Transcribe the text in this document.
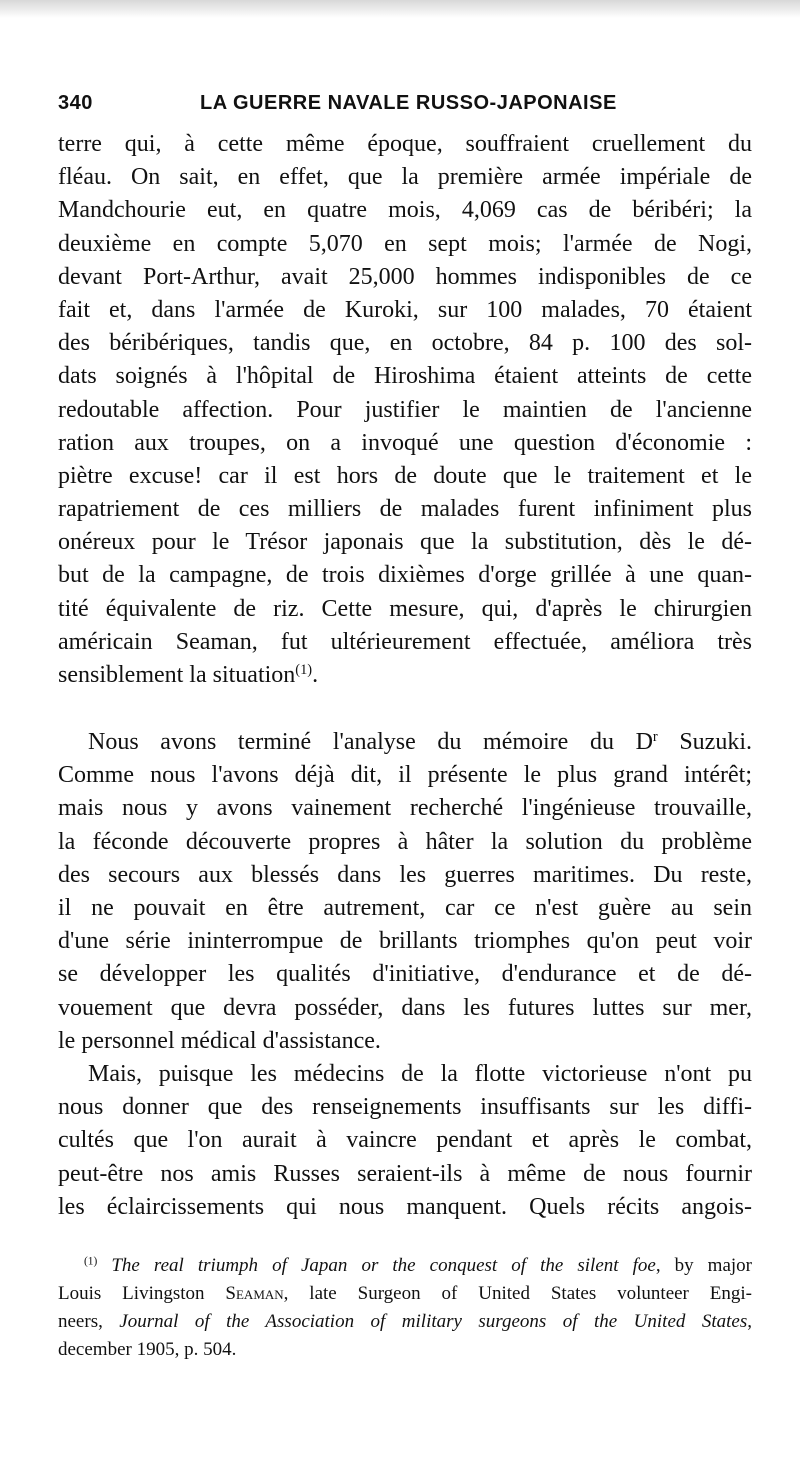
340	LA GUERRE NAVALE RUSSO-JAPONAISE
terre qui, à cette même époque, souffraient cruellement du
fléau. On sait, en effet, que la première armée impériale de
Mandchourie eut, en quatre mois, 4,069 cas de béribéri; la
deuxième en compte 5,070 en sept mois; l'armée de Nogi,
devant Port-Arthur, avait 25,000 hommes indisponibles de ce
fait et, dans l'armée de Kuroki, sur 100 malades, 70 étaient
des béribériques, tandis que, en octobre, 84 p. 100 des sol-
dats soignés à l'hôpital de Hiroshima étaient atteints de cette
redoutable affection. Pour justifier le maintien de l'ancienne
ration aux troupes, on a invoqué une question d'économie :
piètre excuse! car il est hors de doute que le traitement et le
rapatriement de ces milliers de malades furent infiniment plus
onéreux pour le Trésor japonais que la substitution, dès le dé-
but de la campagne, de trois dixièmes d'orge grillée à une quan-
tité équivalente de riz. Cette mesure, qui, d'après le chirurgien
américain Seaman, fut ultérieurement effectuée, améliora très
sensiblement la situation$^{(1)}$.
Nous avons terminé l'analyse du mémoire du $D^r$ Suzuki.
Comme nous l'avons déjà dit, il présente le plus grand intérêt;
mais nous y avons vainement recherché l'ingénieuse trouvaille,
la féconde découverte propres à hâter la solution du problème
des secours aux blessés dans les guerres maritimes. Du reste,
il ne pouvait en être autrement, car ce n'est guère au sein
d'une série ininterrompue de brillants triomphes qu'on peut voir
se développer les qualités d'initiative, d'endurance et de dé-
vouement que devra posséder, dans les futures luttes sur mer,
le personnel médical d'assistance.
Mais, puisque les médecins de la flotte victorieuse n'ont pu
nous donner que des renseignements insuffisants sur les diffi-
cultés que l'on aurait à vaincre pendant et après le combat,
peut-être nos amis Russes seraient-ils à même de nous fournir
les éclaircissements qui nous manquent. Quels récits angois-
$^{(1)}$ The real triumph of Japan or the conquest of the silent foe, by major
Louis Livingston Seaman, late Surgeon of United States volunteer Engi-
neers, Journal of the Association of military surgeons of the United States,
december 1905, p. 504.
